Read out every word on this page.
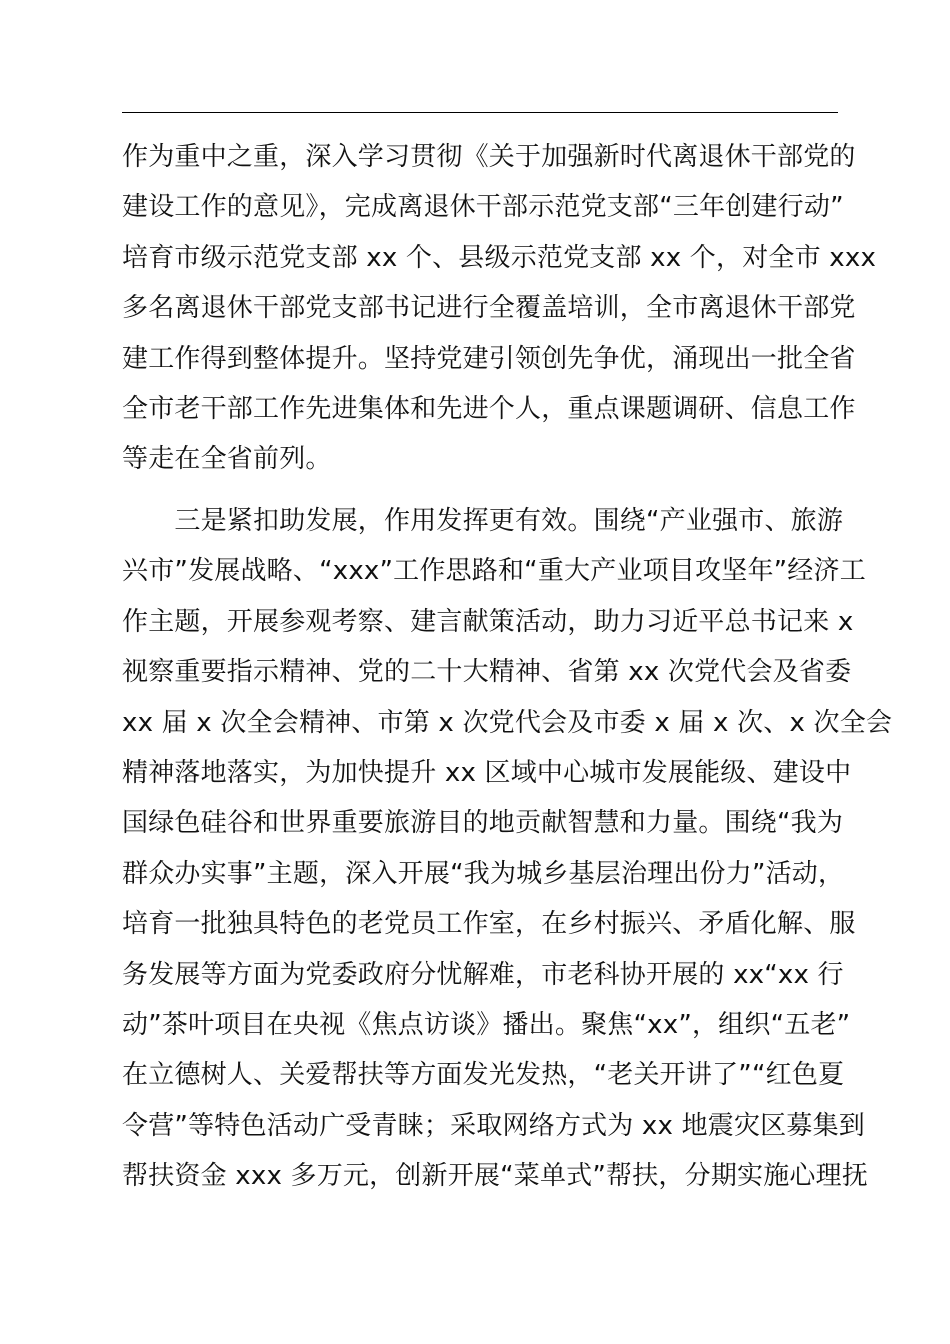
作为重中之重，深入学习贯彻《关于加强新时代离退休干部党的
建设工作的意见》，完成离退休干部示范党支部“三年创建行动”
培育市级示范党支部 xx 个、县级示范党支部 xx 个，对全市 xxx
多名离退休干部党支部书记进行全覆盖培训，全市离退休干部党
建工作得到整体提升。坚持党建引领创先争优，涌现出一批全省
全市老干部工作先进集体和先进个人，重点课题调研、信息工作
等走在全省前列。
　　三是紧扣助发展，作用发挥更有效。围绕“产业强市、旅游
兴市”发展战略、“xxx”工作思路和“重大产业项目攻坚年”经济工
作主题，开展参观考察、建言献策活动，助力习近平总书记来 x
视察重要指示精神、党的二十大精神、省第 xx 次党代会及省委
xx 届 x 次全会精神、市第 x 次党代会及市委 x 届 x 次、x 次全会
精神落地落实，为加快提升 xx 区域中心城市发展能级、建设中
国绿色硅谷和世界重要旅游目的地贡献智慧和力量。围绕“我为
群众办实事”主题，深入开展“我为城乡基层治理出份力”活动，
培育一批独具特色的老党员工作室，在乡村振兴、矛盾化解、服
务发展等方面为党委政府分忧解难，市老科协开展的 xx“xx 行
动”茶叶项目在央视《焦点访谈》播出。聚焦“xx”，组织“五老”
在立德树人、关爱帮扶等方面发光发热，“老关开讲了”“红色夏
令营”等特色活动广受青睐；采取网络方式为 xx 地震灾区募集到
帮扶资金 xxx 多万元，创新开展“菜单式”帮扶，分期实施心理抚
